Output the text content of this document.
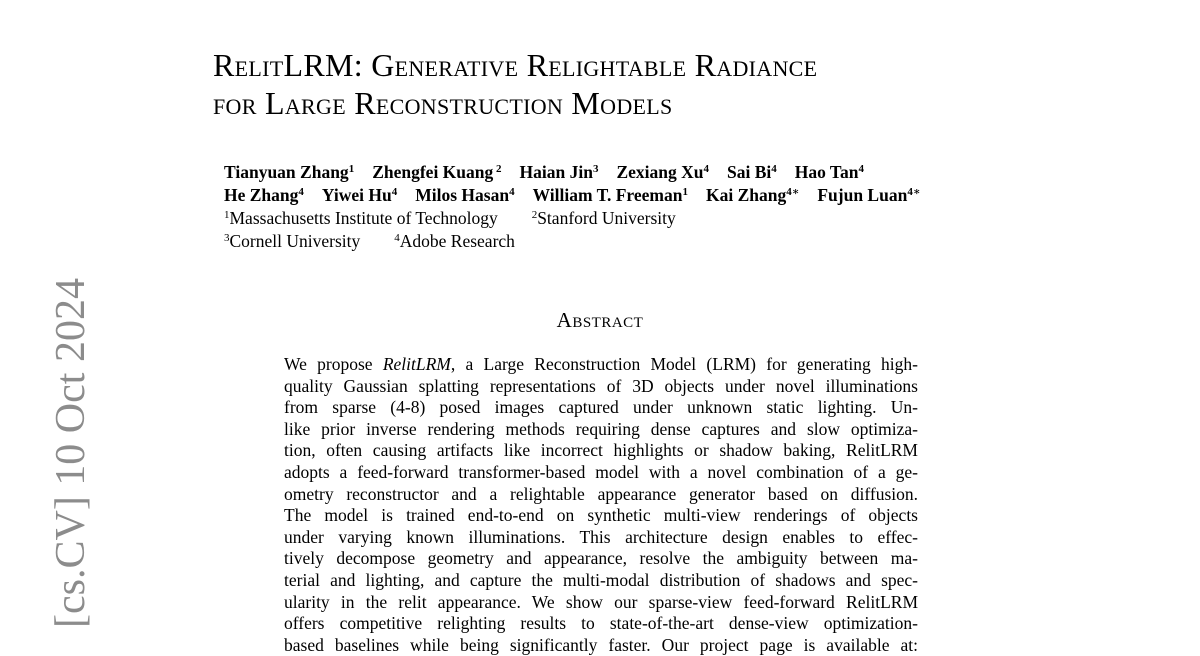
RelitLRM: Generative Relightable Radiance
for Large Reconstruction Models
Tianyuan Zhang$^1$ Zhengfei Kuang $^2$ Haian Jin$^3$ Zexiang Xu$^4$ Sai Bi$^4$ Hao Tan$^4$
He Zhang$^4$ Yiwei Hu$^4$ Milos Hasan$^4$ William T. Freeman$^1$ Kai Zhang$^{4∗}$ Fujun Luan$^{4∗}$
$^1$Massachusetts Institute of Technology	$^2$Stanford University
$^3$Cornell University	$^4$Adobe Research
Abstract

We propose RelitLRM, a Large Reconstruction Model (LRM) for generating high-
quality Gaussian splatting representations of 3D objects under novel illuminations
from sparse (4-8) posed images captured under unknown static lighting. Un-
like prior inverse rendering methods requiring dense captures and slow optimiza-
tion, often causing artifacts like incorrect highlights or shadow baking, RelitLRM
adopts a feed-forward transformer-based model with a novel combination of a ge-
ometry reconstructor and a relightable appearance generator based on diffusion.
The model is trained end-to-end on synthetic multi-view renderings of objects
under varying known illuminations. This architecture design enables to effec-
tively decompose geometry and appearance, resolve the ambiguity between ma-
terial and lighting, and capture the multi-modal distribution of shadows and spec-
ularity in the relit appearance. We show our sparse-view feed-forward RelitLRM
offers competitive relighting results to state-of-the-art dense-view optimization-
based baselines while being significantly faster. Our project page is available at:

[cs.CV] 10 Oct 2024
